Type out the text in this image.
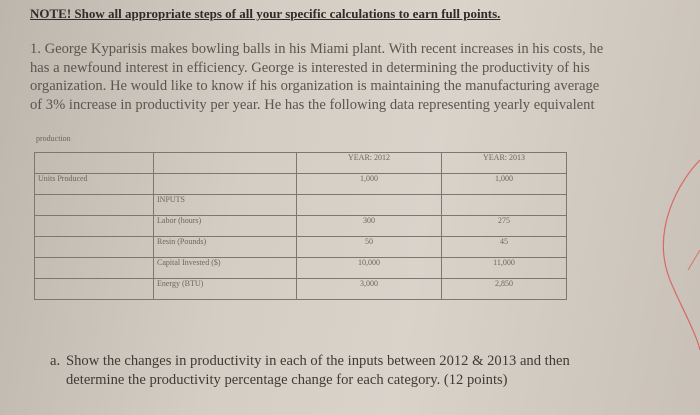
NOTE! Show all appropriate steps of all your specific calculations to earn full points.
1. George Kyparisis makes bowling balls in his Miami plant. With recent increases in his costs, he
has a newfound interest in efficiency. George is interested in determining the productivity of his
organization. He would like to know if his organization is maintaining the manufacturing average
of 3% increase in productivity per year. He has the following data representing yearly equivalent
production
		YEAR: 2012	YEAR: 2013
Units Produced		1,000	1,000
	INPUTS		
	Labor (hours)	300	275
	Resin (Pounds)	50	45
	Capital Invested ($)	10,000	11,000
	Energy (BTU)	3,000	2,850
a. Show the changes in productivity in each of the inputs between 2012 & 2013 and then
determine the productivity percentage change for each category. (12 points)
